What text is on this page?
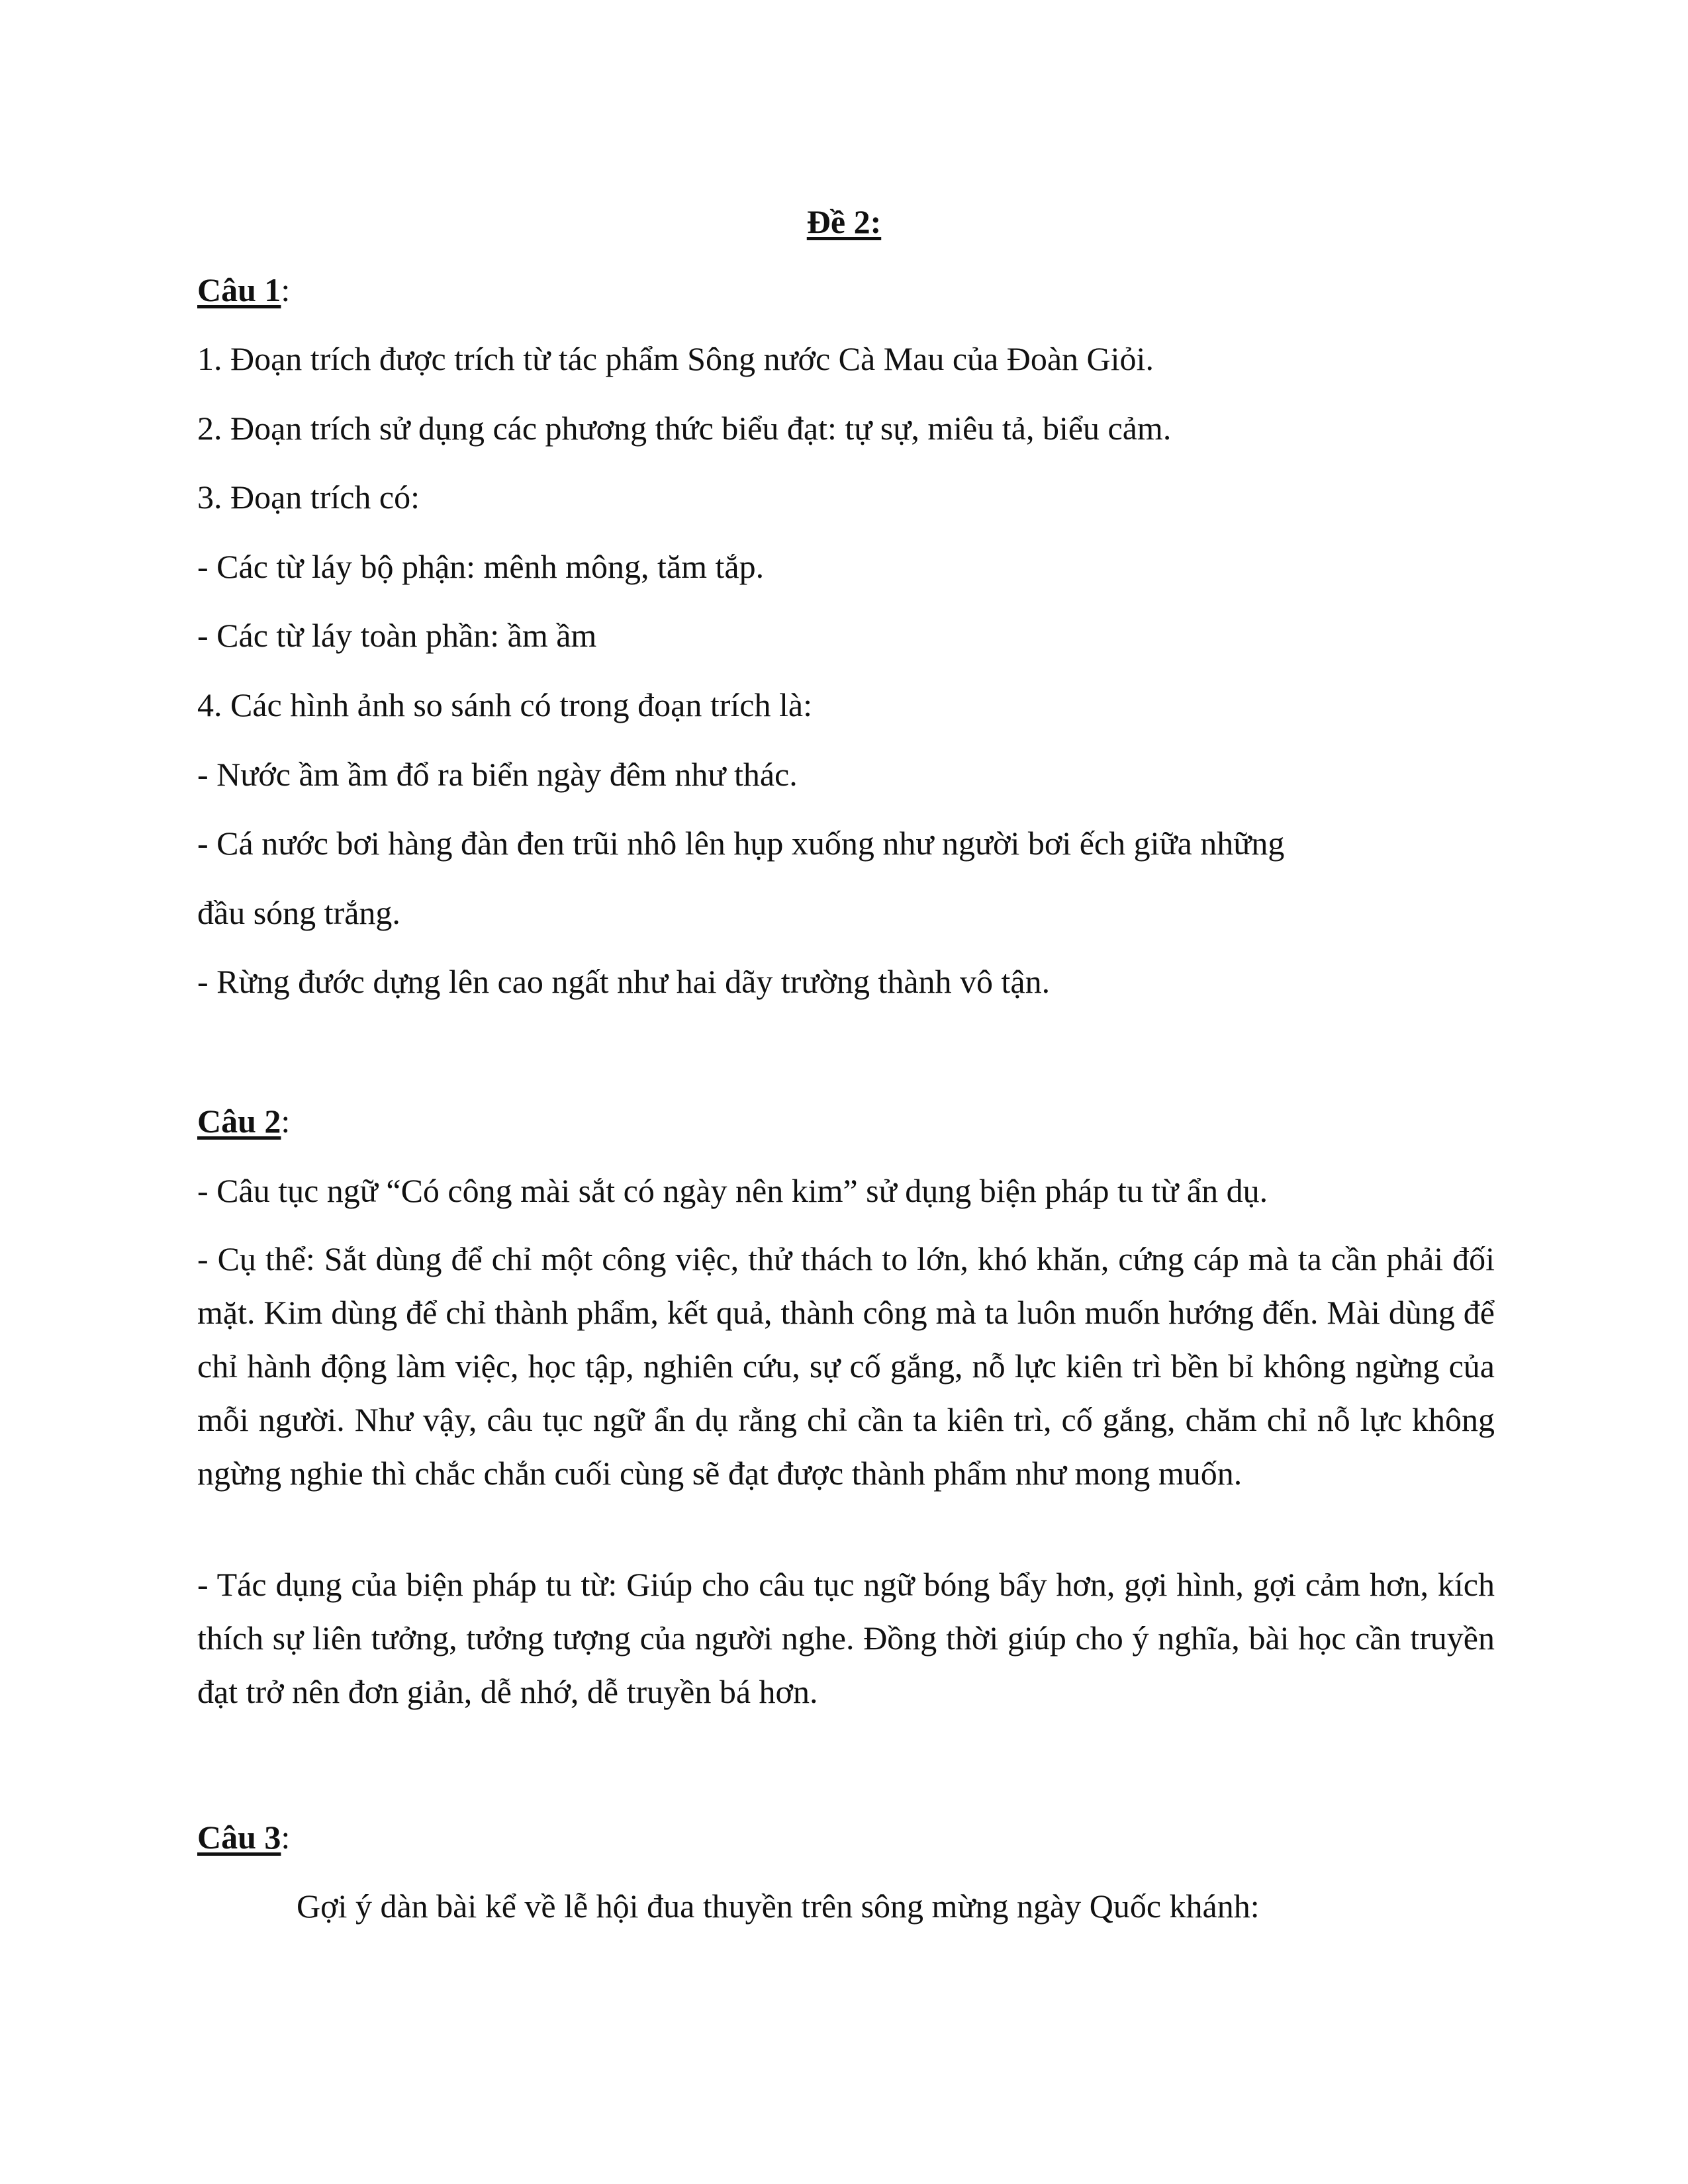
Đề 2:
Câu 1:
1. Đoạn trích được trích từ tác phẩm Sông nước Cà Mau của Đoàn Giỏi.
2. Đoạn trích sử dụng các phương thức biểu đạt: tự sự, miêu tả, biểu cảm.
3. Đoạn trích có:
- Các từ láy bộ phận: mênh mông, tăm tắp.
- Các từ láy toàn phần: ầm ầm
4. Các hình ảnh so sánh có trong đoạn trích là:
- Nước ầm ầm đổ ra biển ngày đêm như thác.
- Cá nước bơi hàng đàn đen trũi nhô lên hụp xuống như người bơi ếch giữa những
đầu sóng trắng.
- Rừng đước dựng lên cao ngất như hai dãy trường thành vô tận.
Câu 2:
- Câu tục ngữ “Có công mài sắt có ngày nên kim” sử dụng biện pháp tu từ ẩn dụ.
- Cụ thể: Sắt dùng để chỉ một công việc, thử thách to lớn, khó khăn, cứng cáp mà ta cần phải đối mặt. Kim dùng để chỉ thành phẩm, kết quả, thành công mà ta luôn muốn hướng đến. Mài dùng để chỉ hành động làm việc, học tập, nghiên cứu, sự cố gắng, nỗ lực kiên trì bền bỉ không ngừng của mỗi người. Như vậy, câu tục ngữ ẩn dụ rằng chỉ cần ta kiên trì, cố gắng, chăm chỉ nỗ lực không ngừng nghie thì chắc chắn cuối cùng sẽ đạt được thành phẩm như mong muốn.
- Tác dụng của biện pháp tu từ: Giúp cho câu tục ngữ bóng bẩy hơn, gợi hình, gợi cảm hơn, kích thích sự liên tưởng, tưởng tượng của người nghe. Đồng thời giúp cho ý nghĩa, bài học cần truyền đạt trở nên đơn giản, dễ nhớ, dễ truyền bá hơn.
Câu 3:
Gợi ý dàn bài kể về lễ hội đua thuyền trên sông mừng ngày Quốc khánh:
